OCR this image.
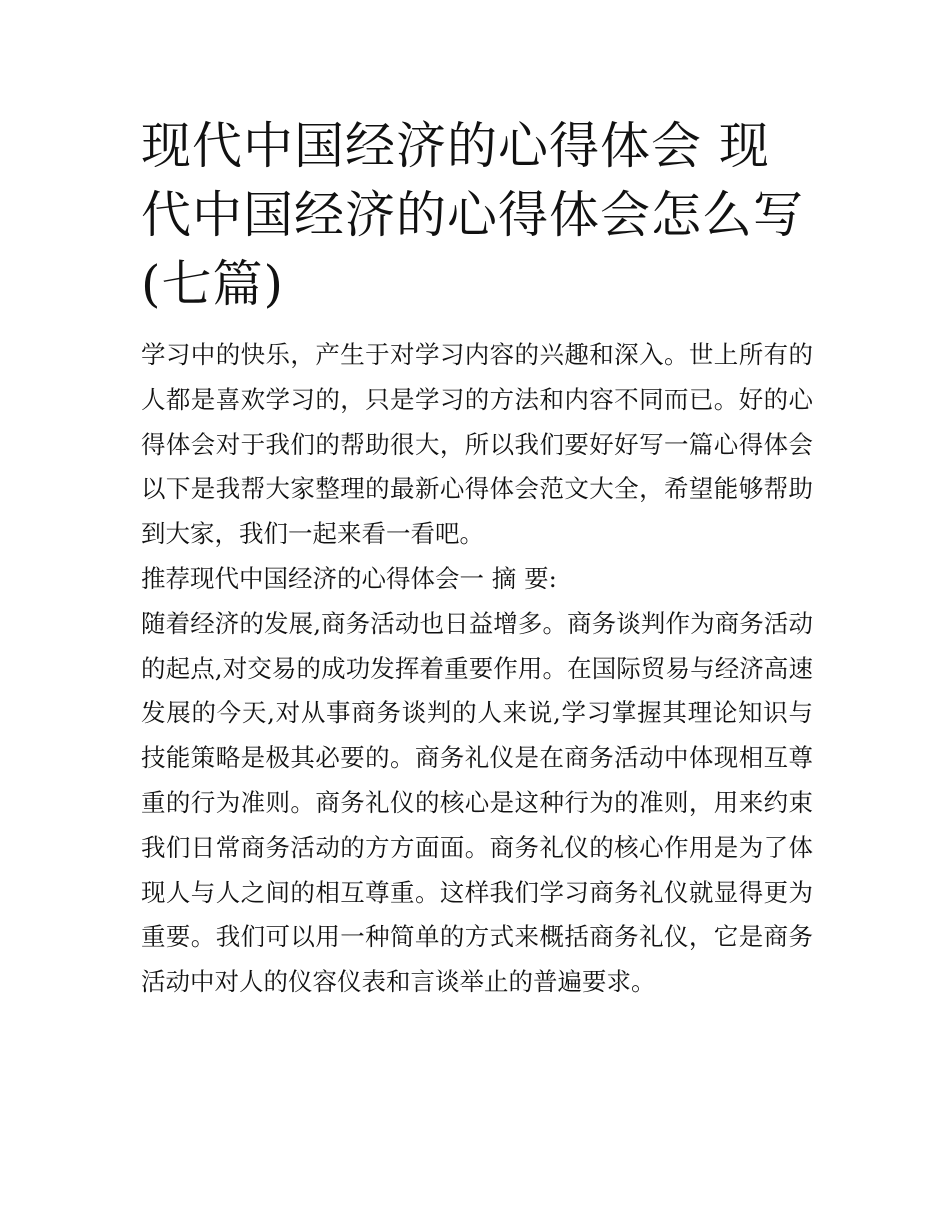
现代中国经济的心得体会 现代中国经济的心得体会怎么写(七篇)

学习中的快乐，产生于对学习内容的兴趣和深入。世上所有的人都是喜欢学习的，只是学习的方法和内容不同而已。好的心得体会对于我们的帮助很大，所以我们要好好写一篇心得体会以下是我帮大家整理的最新心得体会范文大全，希望能够帮助到大家，我们一起来看一看吧。

推荐现代中国经济的心得体会一 摘 要:

随着经济的发展,商务活动也日益增多。商务谈判作为商务活动的起点,对交易的成功发挥着重要作用。在国际贸易与经济高速发展的今天,对从事商务谈判的人来说,学习掌握其理论知识与技能策略是极其必要的。商务礼仪是在商务活动中体现相互尊重的行为准则。商务礼仪的核心是这种行为的准则，用来约束我们日常商务活动的方方面面。商务礼仪的核心作用是为了体现人与人之间的相互尊重。这样我们学习商务礼仪就显得更为重要。我们可以用一种简单的方式来概括商务礼仪，它是商务活动中对人的仪容仪表和言谈举止的普遍要求。
